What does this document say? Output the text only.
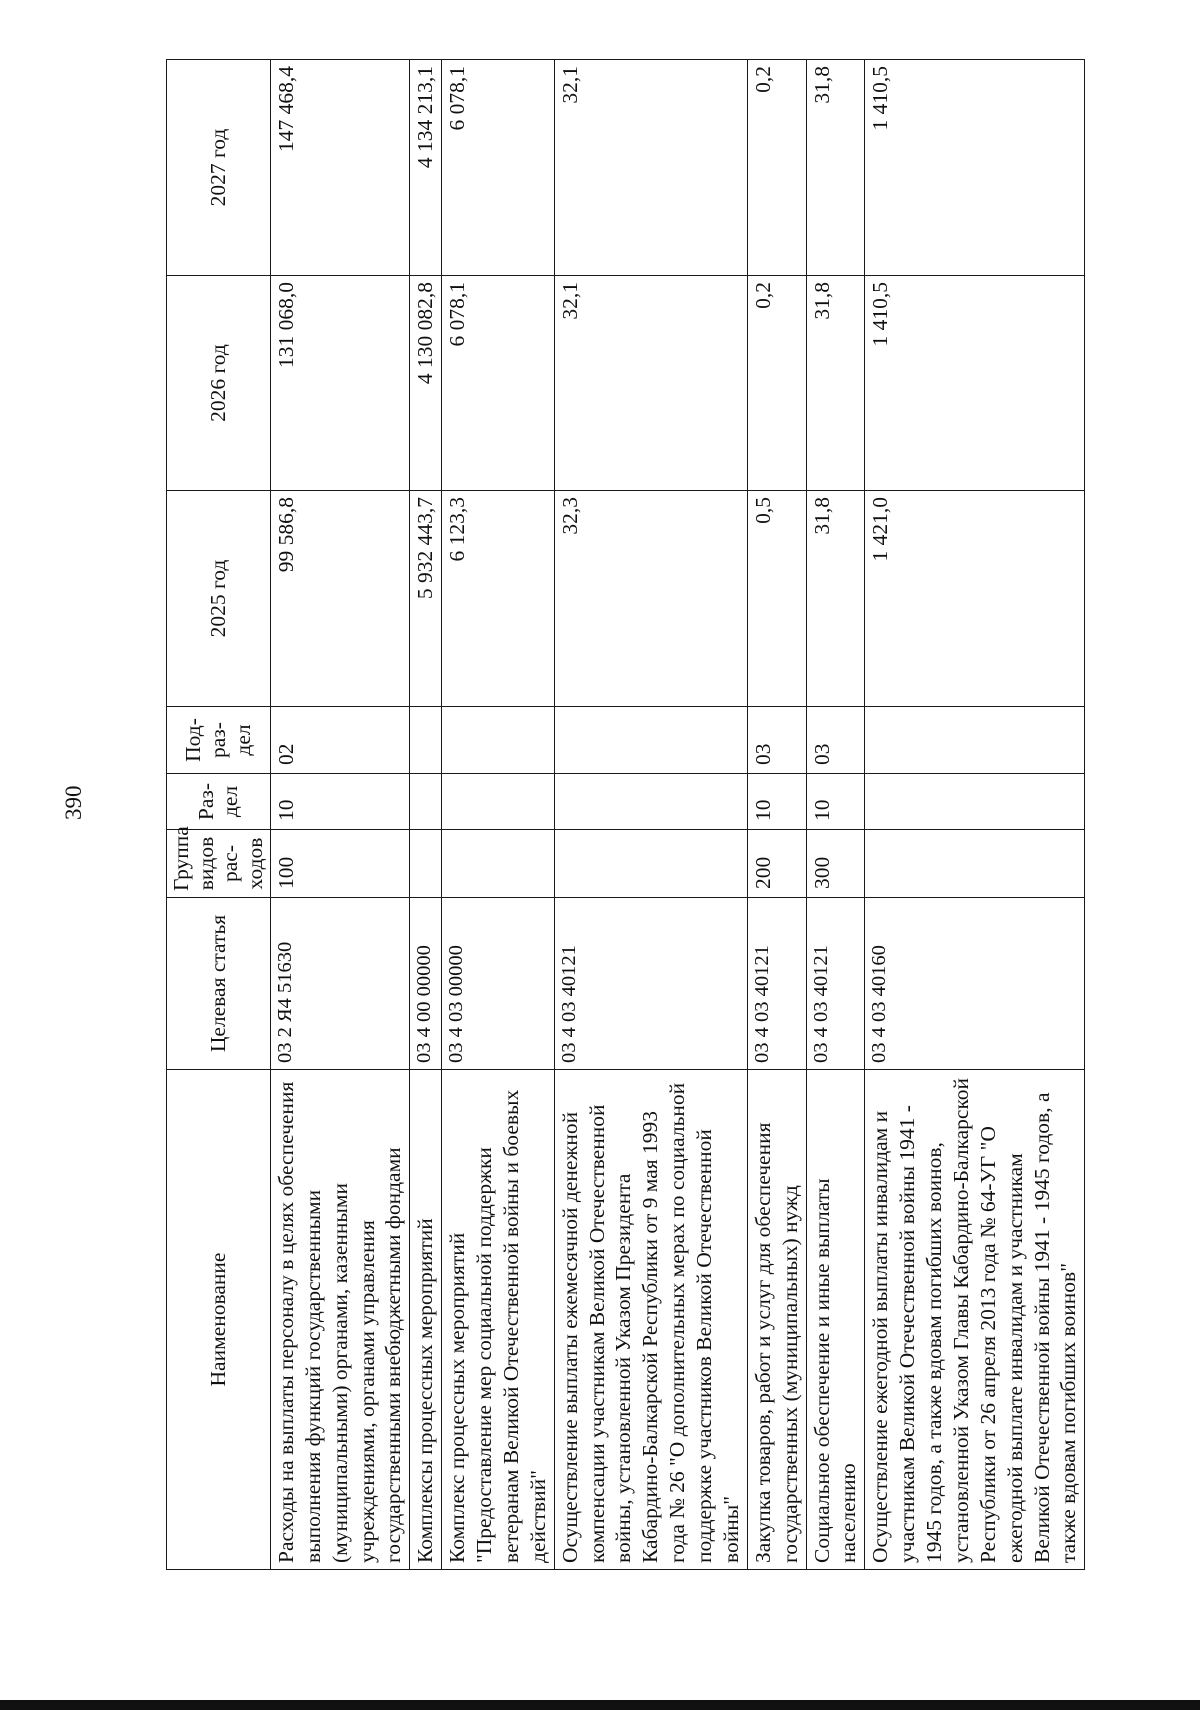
390
Наименование	Целевая статья	Группа видов рас-ходов	Раз-дел	Под-раз-дел	2025 год	2026 год	2027 год
Расходы на выплаты персоналу в целях обеспечения выполнения функций государственными (муниципальными) органами, казенными учреждениями, органами управления государственными внебюджетными фондами	03 2 Я4 51630	100	10	02	99 586,8	131 068,0	147 468,4
Комплексы процессных мероприятий	03 4 00 00000				5 932 443,7	4 130 082,8	4 134 213,1
Комплекс процессных мероприятий "Предоставление мер социальной поддержки ветеранам Великой Отечественной войны и боевых действий"	03 4 03 00000				6 123,3	6 078,1	6 078,1
Осуществление выплаты ежемесячной денежной компенсации участникам Великой Отечественной войны, установленной Указом Президента Кабардино-Балкарской Республики от 9 мая 1993 года № 26 "О дополнительных мерах по социальной поддержке участников Великой Отечественной войны"	03 4 03 40121				32,3	32,1	32,1
Закупка товаров, работ и услуг для обеспечения государственных (муниципальных) нужд	03 4 03 40121	200	10	03	0,5	0,2	0,2
Социальное обеспечение и иные выплаты населению	03 4 03 40121	300	10	03	31,8	31,8	31,8
Осуществление ежегодной выплаты инвалидам и участникам Великой Отечественной войны 1941 - 1945 годов, а также вдовам погибших воинов, установленной Указом Главы Кабардино-Балкарской Республики от 26 апреля 2013 года № 64-УГ "О ежегодной выплате инвалидам и участникам Великой Отечественной войны 1941 - 1945 годов, а также вдовам погибших воинов"	03 4 03 40160				1 421,0	1 410,5	1 410,5
